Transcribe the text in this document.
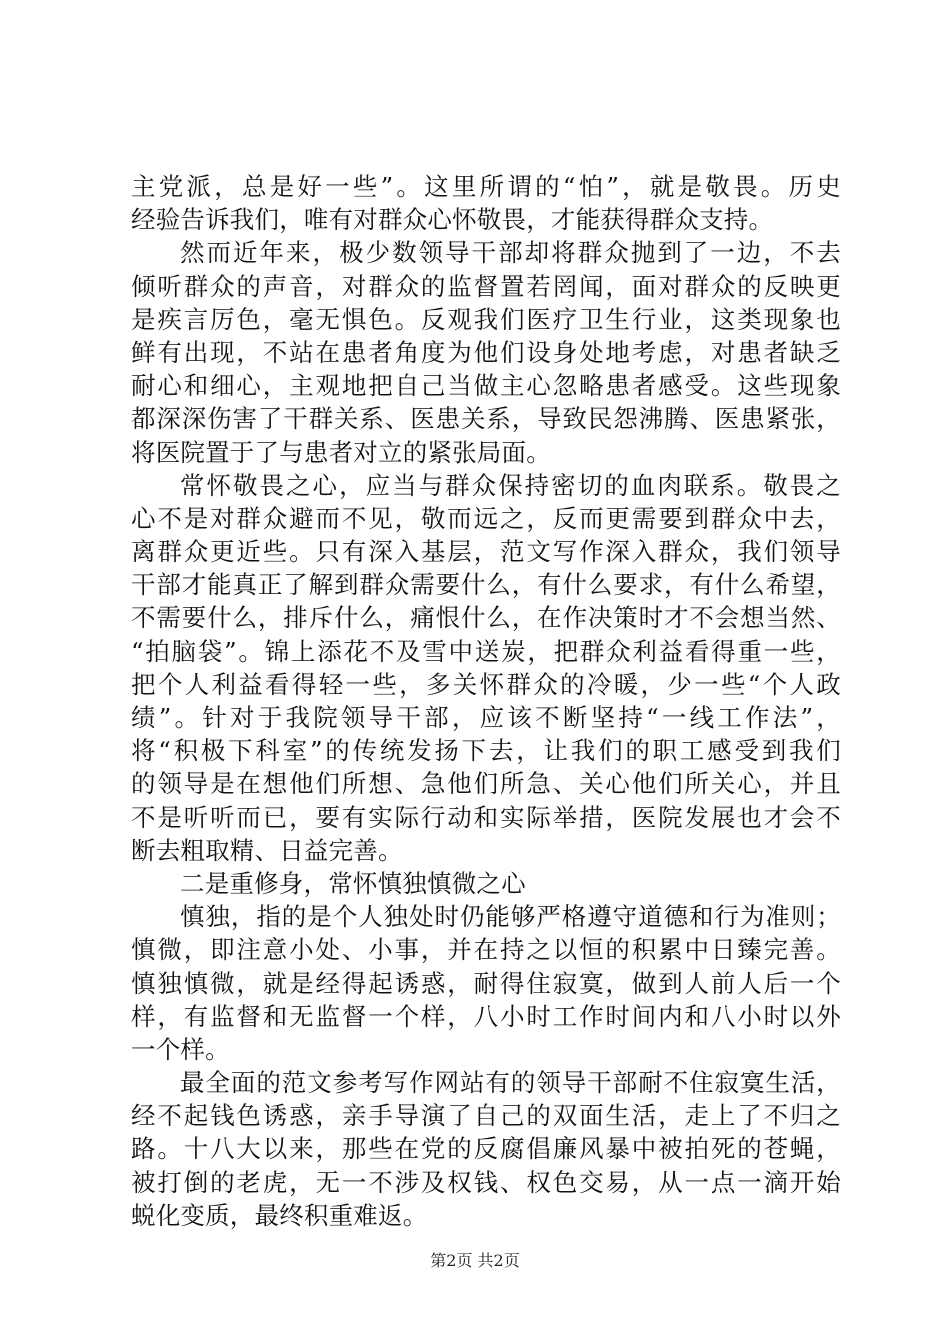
主党派，总是好一些”。这里所谓的“怕”，就是敬畏。历史
经验告诉我们，唯有对群众心怀敬畏，才能获得群众支持。
然而近年来，极少数领导干部却将群众抛到了一边，不去
倾听群众的声音，对群众的监督置若罔闻，面对群众的反映更
是疾言厉色，毫无惧色。反观我们医疗卫生行业，这类现象也
鲜有出现，不站在患者角度为他们设身处地考虑，对患者缺乏
耐心和细心，主观地把自己当做主心忽略患者感受。这些现象
都深深伤害了干群关系、医患关系，导致民怨沸腾、医患紧张，
将医院置于了与患者对立的紧张局面。
常怀敬畏之心，应当与群众保持密切的血肉联系。敬畏之
心不是对群众避而不见，敬而远之，反而更需要到群众中去，
离群众更近些。只有深入基层，范文写作深入群众，我们领导
干部才能真正了解到群众需要什么，有什么要求，有什么希望，
不需要什么，排斥什么，痛恨什么，在作决策时才不会想当然、
“拍脑袋”。锦上添花不及雪中送炭，把群众利益看得重一些，
把个人利益看得轻一些，多关怀群众的冷暖，少一些“个人政
绩”。针对于我院领导干部，应该不断坚持“一线工作法”，
将“积极下科室”的传统发扬下去，让我们的职工感受到我们
的领导是在想他们所想、急他们所急、关心他们所关心，并且
不是听听而已，要有实际行动和实际举措，医院发展也才会不
断去粗取精、日益完善。
二是重修身，常怀慎独慎微之心
慎独，指的是个人独处时仍能够严格遵守道德和行为准则；
慎微，即注意小处、小事，并在持之以恒的积累中日臻完善。
慎独慎微，就是经得起诱惑，耐得住寂寞，做到人前人后一个
样，有监督和无监督一个样，八小时工作时间内和八小时以外
一个样。
最全面的范文参考写作网站有的领导干部耐不住寂寞生活，
经不起钱色诱惑，亲手导演了自己的双面生活，走上了不归之
路。十八大以来，那些在党的反腐倡廉风暴中被拍死的苍蝇，
被打倒的老虎，无一不涉及权钱、权色交易，从一点一滴开始
蜕化变质，最终积重难返。
第2页 共2页
